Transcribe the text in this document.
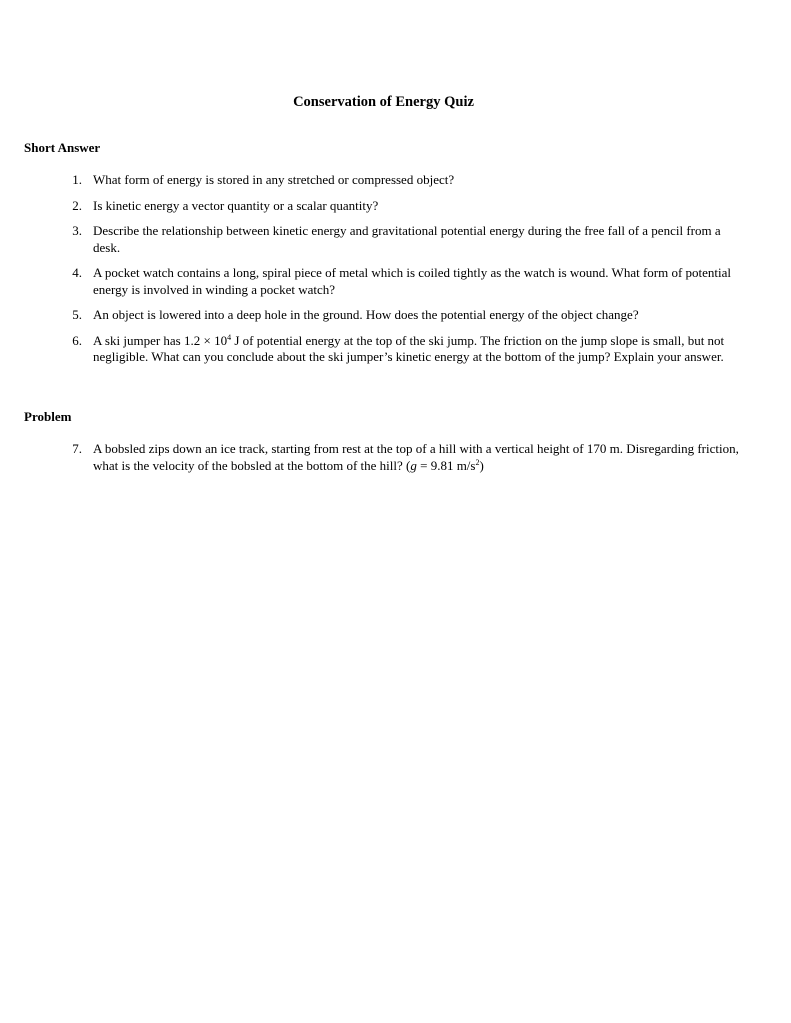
Conservation of Energy Quiz
Short Answer
1. What form of energy is stored in any stretched or compressed object?
2. Is kinetic energy a vector quantity or a scalar quantity?
3. Describe the relationship between kinetic energy and gravitational potential energy during the free fall of a pencil from a desk.
4. A pocket watch contains a long, spiral piece of metal which is coiled tightly as the watch is wound. What form of potential energy is involved in winding a pocket watch?
5. An object is lowered into a deep hole in the ground. How does the potential energy of the object change?
6. A ski jumper has $1.2 \times 10^4$ J of potential energy at the top of the ski jump. The friction on the jump slope is small, but not negligible. What can you conclude about the ski jumper’s kinetic energy at the bottom of the jump? Explain your answer.
Problem
7. A bobsled zips down an ice track, starting from rest at the top of a hill with a vertical height of 170 m. Disregarding friction, what is the velocity of the bobsled at the bottom of the hill? (g = 9.81 $m/s^2$)
